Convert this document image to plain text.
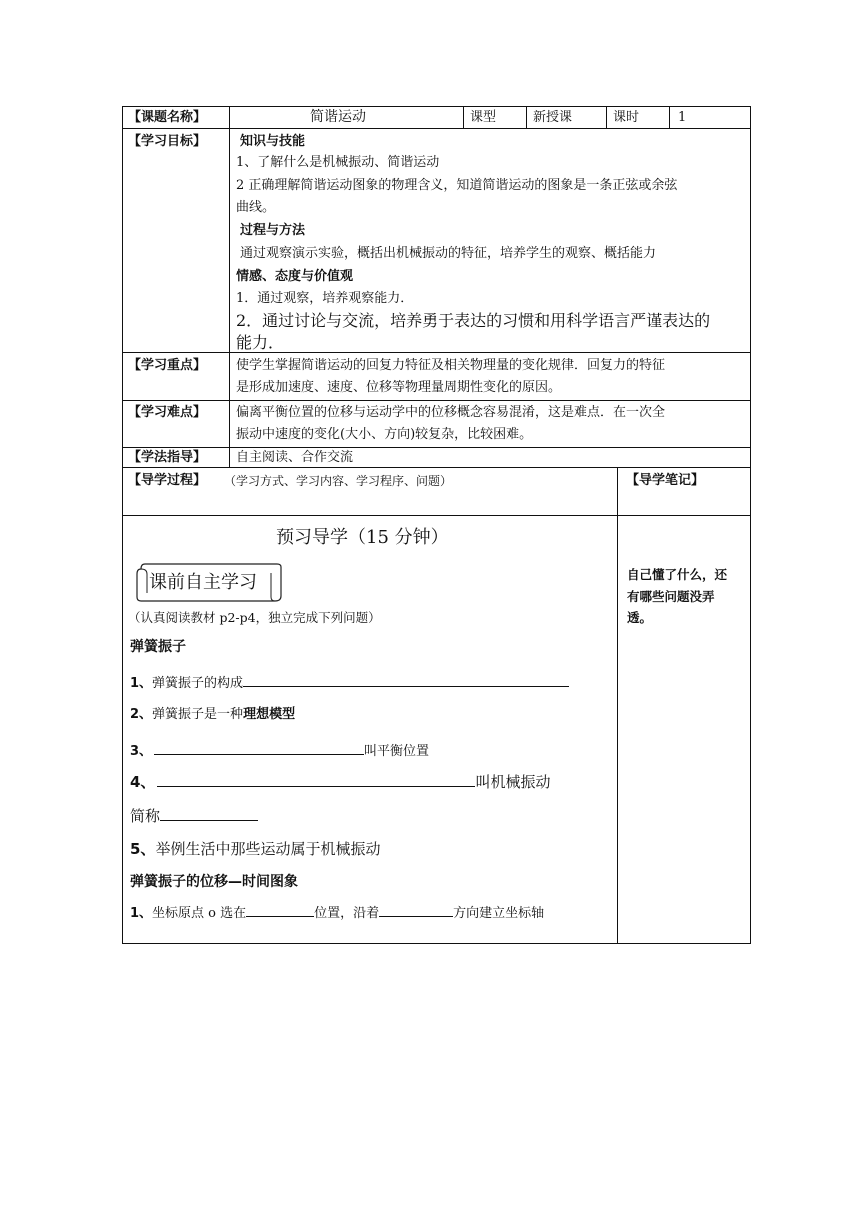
【课题名称】	简谐运动	课型	新授课	课时	1
【学习目标】	知识与技能
1、了解什么是机械振动、简谐运动
2 正确理解简谐运动图象的物理含义，知道简谐运动的图象是一条正弦或余弦
曲线。
过程与方法
通过观察演示实验，概括出机械振动的特征，培养学生的观察、概括能力
情感、态度与价值观
1．通过观察，培养观察能力．
2．通过讨论与交流，培养勇于表达的习惯和用科学语言严谨表达的
能力．
【学习重点】 使学生掌握简谐运动的回复力特征及相关物理量的变化规律．回复力的特征
是形成加速度、速度、位移等物理量周期性变化的原因。
【学习难点】 偏离平衡位置的位移与运动学中的位移概念容易混淆，这是难点．在一次全
振动中速度的变化(大小、方向)较复杂，比较困难。
【学法指导】 自主阅读、合作交流
【导学过程】 （学习方式、学习内容、学习程序、问题）	【导学笔记】
预习导学（15 分钟）
课前自主学习
（认真阅读教材 p2-p4，独立完成下列问题）
弹簧振子
1、弹簧振子的构成
2、弹簧振子是一种理想模型
3、	叫平衡位置
4、	叫机械振动
简称
5、举例生活中那些运动属于机械振动
弹簧振子的位移—时间图象
1、坐标原点 o 选在	位置，沿着	方向建立坐标轴
自己懂了什么，还
有哪些问题没弄
透。
